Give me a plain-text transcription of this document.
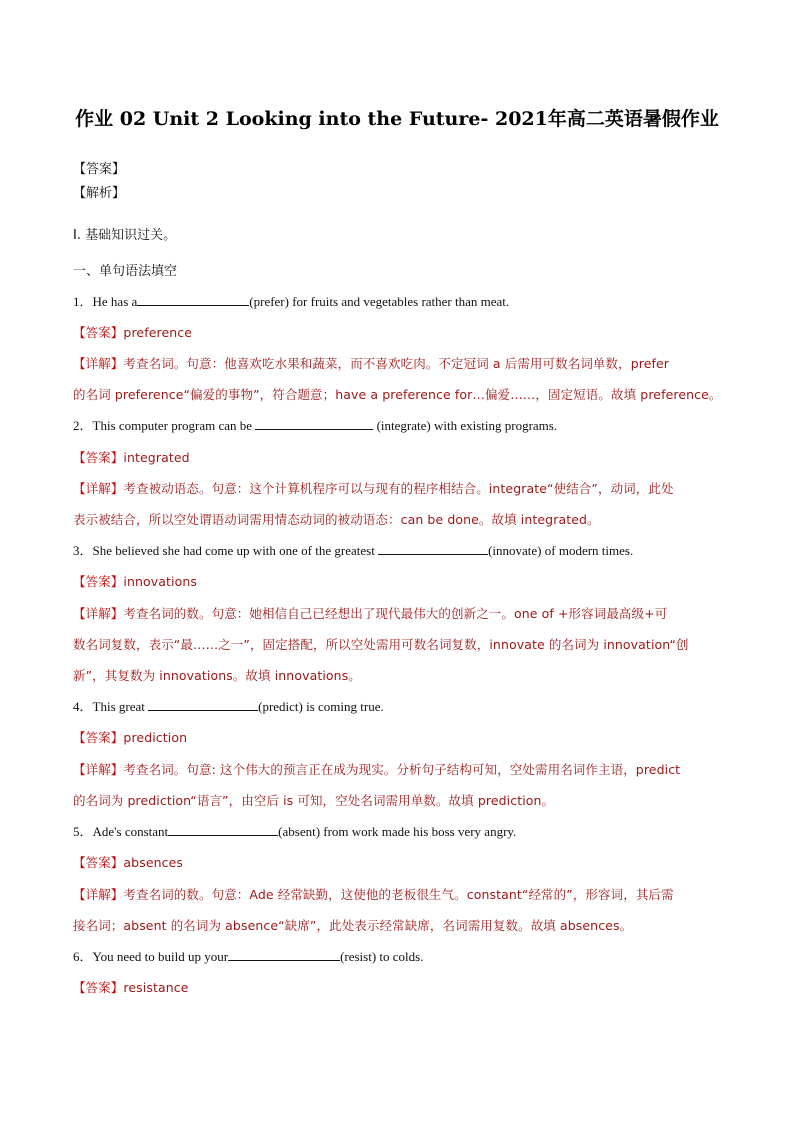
作业 02 Unit 2 Looking into the Future- 2021年高二英语暑假作业
【答案】
【解析】
I. 基础知识过关。
一、单句语法填空
1．He has a	(prefer) for fruits and vegetables rather than meat.
【答案】preference
【详解】考查名词。句意：他喜欢吃水果和蔬菜，而不喜欢吃肉。不定冠词 a 后需用可数名词单数，prefer
的名词 preference“偏爱的事物”，符合题意；have a preference for…偏爱……，固定短语。故填 preference。
2．This computer program can be	(integrate) with existing programs.
【答案】integrated
【详解】考查被动语态。句意：这个计算机程序可以与现有的程序相结合。integrate“使结合”，动词，此处
表示被结合，所以空处谓语动词需用情态动词的被动语态：can be done。故填 integrated。
3．She believed she had come up with one of the greatest	(innovate) of modern times.
【答案】innovations
【详解】考查名词的数。句意：她相信自己已经想出了现代最伟大的创新之一。one of +形容词最高级+可
数名词复数，表示“最……之一”，固定搭配，所以空处需用可数名词复数，innovate 的名词为 innovation“创
新”，其复数为 innovations。故填 innovations。
4．This great	(predict) is coming true.
【答案】prediction
【详解】考查名词。句意: 这个伟大的预言正在成为现实。分析句子结构可知，空处需用名词作主语，predict
的名词为 prediction“语言”，由空后 is 可知，空处名词需用单数。故填 prediction。
5．Ade's constant	(absent) from work made his boss very angry.
【答案】absences
【详解】考查名词的数。句意：Ade 经常缺勤，这使他的老板很生气。constant“经常的”，形容词，其后需
接名词；absent 的名词为 absence“缺席”，此处表示经常缺席，名词需用复数。故填 absences。
6．You need to build up your	(resist) to colds.
【答案】resistance
